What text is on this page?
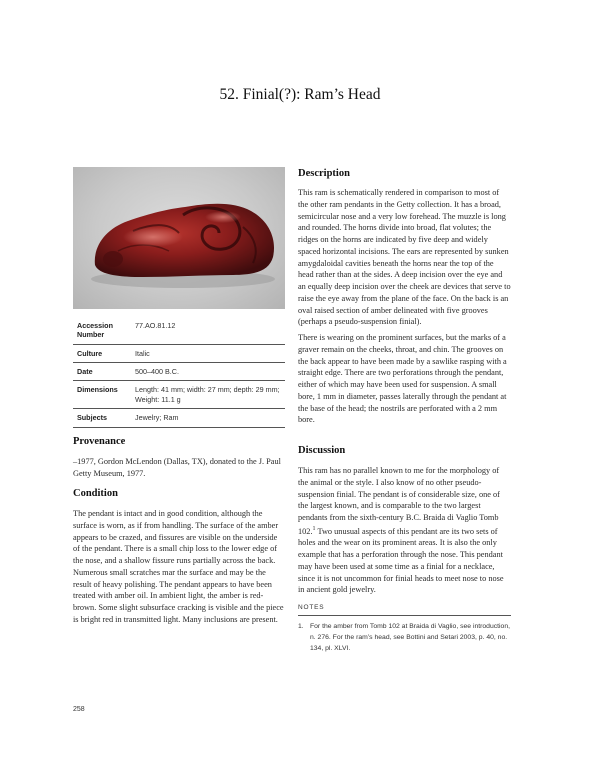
52. Finial(?): Ram’s Head
Accession Number	77.AO.81.12
Culture	Italic
Date	500–400 B.C.
Dimensions	Length: 41 mm; width: 27 mm; depth: 29 mm; Weight: 11.1 g
Subjects	Jewelry; Ram
Provenance

–1977, Gordon McLendon (Dallas, TX), donated to the J. Paul Getty Museum, 1977.

Condition

The pendant is intact and in good condition, although the surface is worn, as if from handling. The surface of the amber appears to be crazed, and fissures are visible on the underside of the pendant. There is a small chip loss to the lower edge of the nose, and a shallow fissure runs partially across the back. Numerous small scratches mar the surface and may be the result of heavy polishing. The pendant appears to have been treated with amber oil. In ambient light, the amber is red-brown. Some slight subsurface cracking is visible and the piece is bright red in transmitted light. Many inclusions are present.

Description

This ram is schematically rendered in comparison to most of the other ram pendants in the Getty collection. It has a broad, semicircular nose and a very low forehead. The muzzle is long and rounded. The horns divide into broad, flat volutes; the ridges on the horns are indicated by five deep and widely spaced horizontal incisions. The ears are represented by sunken amygdaloidal cavities beneath the horns near the top of the head rather than at the sides. A deep incision over the eye and an equally deep incision over the cheek are devices that serve to raise the eye away from the plane of the face. On the back is an oval raised section of amber delineated with five grooves (perhaps a pseudo-suspension finial).

There is wearing on the prominent surfaces, but the marks of a graver remain on the cheeks, throat, and chin. The grooves on the back appear to have been made by a sawlike rasping with a straight edge. There are two perforations through the pendant, either of which may have been used for suspension. A small bore, 1 mm in diameter, passes laterally through the pendant at the base of the head; the nostrils are perforated with a 2 mm bore.

Discussion

This ram has no parallel known to me for the morphology of the animal or the style. I also know of no other pseudo-suspension finial. The pendant is of considerable size, one of the largest known, and is comparable to the two largest pendants from the sixth-century B.C. Braida di Vaglio Tomb 102.$^1$ Two unusual aspects of this pendant are its two sets of holes and the wear on its prominent areas. It is also the only example that has a perforation through the nose. This pendant may have been used at some time as a finial for a necklace, since it is not uncommon for finial heads to meet nose to nose in ancient gold jewelry.

NOTES
1. For the amber from Tomb 102 at Braida di Vaglio, see introduction, n. 276. For the ram’s head, see Bottini and Setari 2003, p. 40, no. 134, pl. XLVI.
258
